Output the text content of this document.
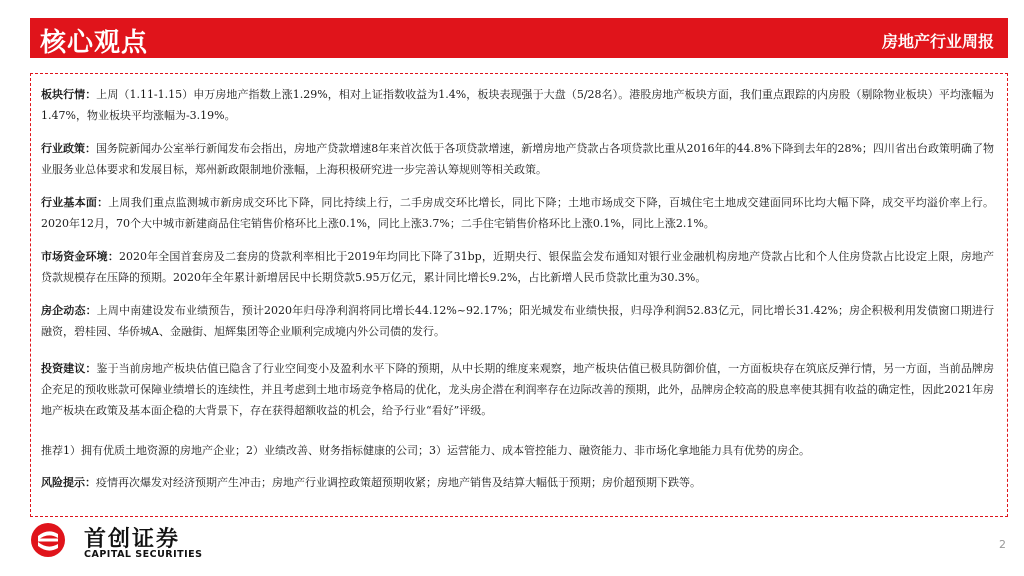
核心观点	房地产行业周报
板块行情：上周（1.11-1.15）申万房地产指数上涨1.29%，相对上证指数收益为1.4%，板块表现强于大盘（5/28名）。港股房地产板块方面，我们重点跟踪的内房股（剔除物业板块）平均涨幅为1.47%，物业板块平均涨幅为-3.19%。
行业政策：国务院新闻办公室举行新闻发布会指出，房地产贷款增速8年来首次低于各项贷款增速，新增房地产贷款占各项贷款比重从2016年的44.8%下降到去年的28%；四川省出台政策明确了物业服务业总体要求和发展目标，郑州新政限制地价涨幅，上海积极研究进一步完善认筹规则等相关政策。
行业基本面：上周我们重点监测城市新房成交环比下降，同比持续上行，二手房成交环比增长，同比下降；土地市场成交下降，百城住宅土地成交建面同环比均大幅下降，成交平均溢价率上行。2020年12月，70个大中城市新建商品住宅销售价格环比上涨0.1%，同比上涨3.7%；二手住宅销售价格环比上涨0.1%，同比上涨2.1%。
市场资金环境：2020年全国首套房及二套房的贷款利率相比于2019年均同比下降了31bp，近期央行、银保监会发布通知对银行业金融机构房地产贷款占比和个人住房贷款占比设定上限，房地产贷款规模存在压降的预期。2020年全年累计新增居民中长期贷款5.95万亿元，累计同比增长9.2%，占比新增人民币贷款比重为30.3%。
房企动态：上周中南建设发布业绩预告，预计2020年归母净利润将同比增长44.12%~92.17%；阳光城发布业绩快报，归母净利润52.83亿元，同比增长31.42%；房企积极利用发债窗口期进行融资，碧桂园、华侨城A、金融街、旭辉集团等企业顺利完成境内外公司债的发行。
投资建议：鉴于当前房地产板块估值已隐含了行业空间变小及盈利水平下降的预期，从中长期的维度来观察，地产板块估值已极具防御价值，一方面板块存在筑底反弹行情，另一方面，当前品牌房企充足的预收账款可保障业绩增长的连续性，并且考虑到土地市场竞争格局的优化，龙头房企潜在利润率存在边际改善的预期，此外，品牌房企较高的股息率使其拥有收益的确定性，因此2021年房地产板块在政策及基本面企稳的大背景下，存在获得超额收益的机会，给予行业“看好”评级。
推荐1）拥有优质土地资源的房地产企业；2）业绩改善、财务指标健康的公司；3）运营能力、成本管控能力、融资能力、非市场化拿地能力具有优势的房企。
风险提示：疫情再次爆发对经济预期产生冲击；房地产行业调控政策超预期收紧；房地产销售及结算大幅低于预期；房价超预期下跌等。
首创证券
CAPITAL SECURITIES
2
